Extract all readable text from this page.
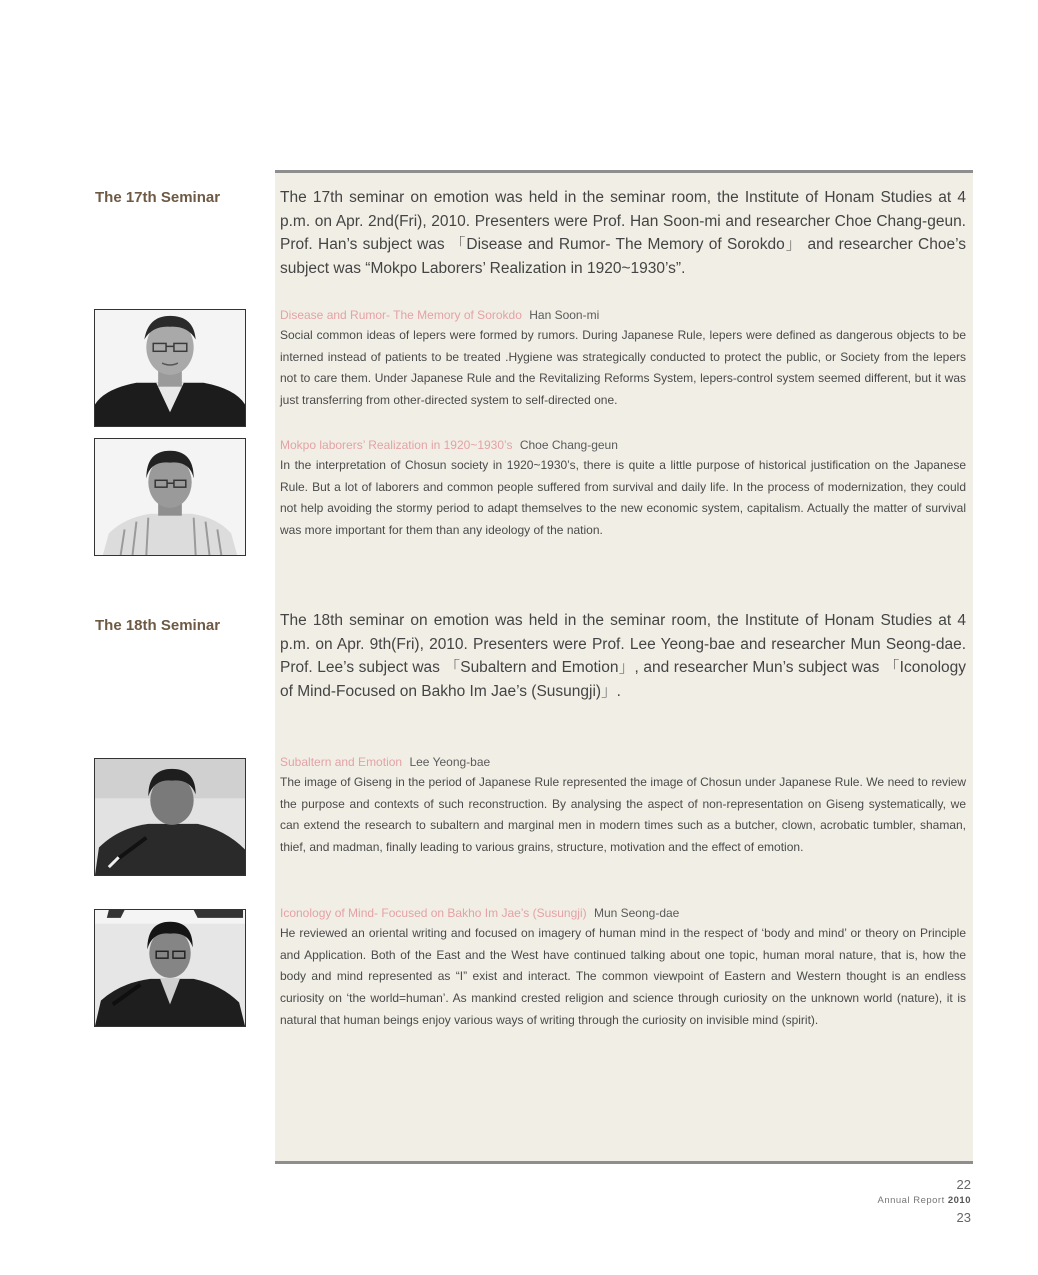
The 17th Seminar	The 17th seminar on emotion was held in the seminar room, the Institute of Honam Studies at 4 p.m. on Apr. 2nd(Fri), 2010. Presenters were Prof. Han Soon-mi and researcher Choe Chang-geun. Prof. Han’s subject was 「Disease and Rumor- The Memory of Sorokdo」 and researcher Choe’s subject was “Mokpo Laborers’ Realization in 1920~1930’s”.

Disease and Rumor- The Memory of Sorokdo Han Soon-mi

Social common ideas of lepers were formed by rumors. During Japanese Rule, lepers were defined as dangerous objects to be interned instead of patients to be treated .Hygiene was strategically conducted to protect the public, or Society from the lepers not to care them. Under Japanese Rule and the Revitalizing Reforms System, lepers-control system seemed different, but it was just transferring from other-directed system to self-directed one.

Mokpo laborers’ Realization in 1920~1930’s Choe Chang-geun

In the interpretation of Chosun society in 1920~1930’s, there is quite a little purpose of historical justification on the Japanese Rule. But a lot of laborers and common people suffered from survival and daily life. In the process of modernization, they could not help avoiding the stormy period to adapt themselves to the new economic system, capitalism. Actually the matter of survival was more important for them than any ideology of the nation.

The 18th Seminar	The 18th seminar on emotion was held in the seminar room, the Institute of Honam Studies at 4 p.m. on Apr. 9th(Fri), 2010. Presenters were Prof. Lee Yeong-bae and researcher Mun Seong-dae. Prof. Lee’s subject was 「Subaltern and Emotion」, and researcher Mun’s subject was 「Iconology of Mind-Focused on Bakho Im Jae’s (Susungji)」.

Subaltern and Emotion Lee Yeong-bae

The image of Giseng in the period of Japanese Rule represented the image of Chosun under Japanese Rule. We need to review the purpose and contexts of such reconstruction. By analysing the aspect of non-representation on Giseng systematically, we can extend the research to subaltern and marginal men in modern times such as a butcher, clown, acrobatic tumbler, shaman, thief, and madman, finally leading to various grains, structure, motivation and the effect of emotion.

Iconology of Mind- Focused on Bakho Im Jae’s (Susungji) Mun Seong-dae

He reviewed an oriental writing and focused on imagery of human mind in the respect of ‘body and mind’ or theory on Principle and Application. Both of the East and the West have continued talking about one topic, human moral nature, that is, how the body and mind represented as “I” exist and interact. The common viewpoint of Eastern and Western thought is an endless curiosity on ‘the world=human’. As mankind crested religion and science through curiosity on the unknown world (nature), it is natural that human beings enjoy various ways of writing through the curiosity on invisible mind (spirit).

22
Annual Report 2010
23
